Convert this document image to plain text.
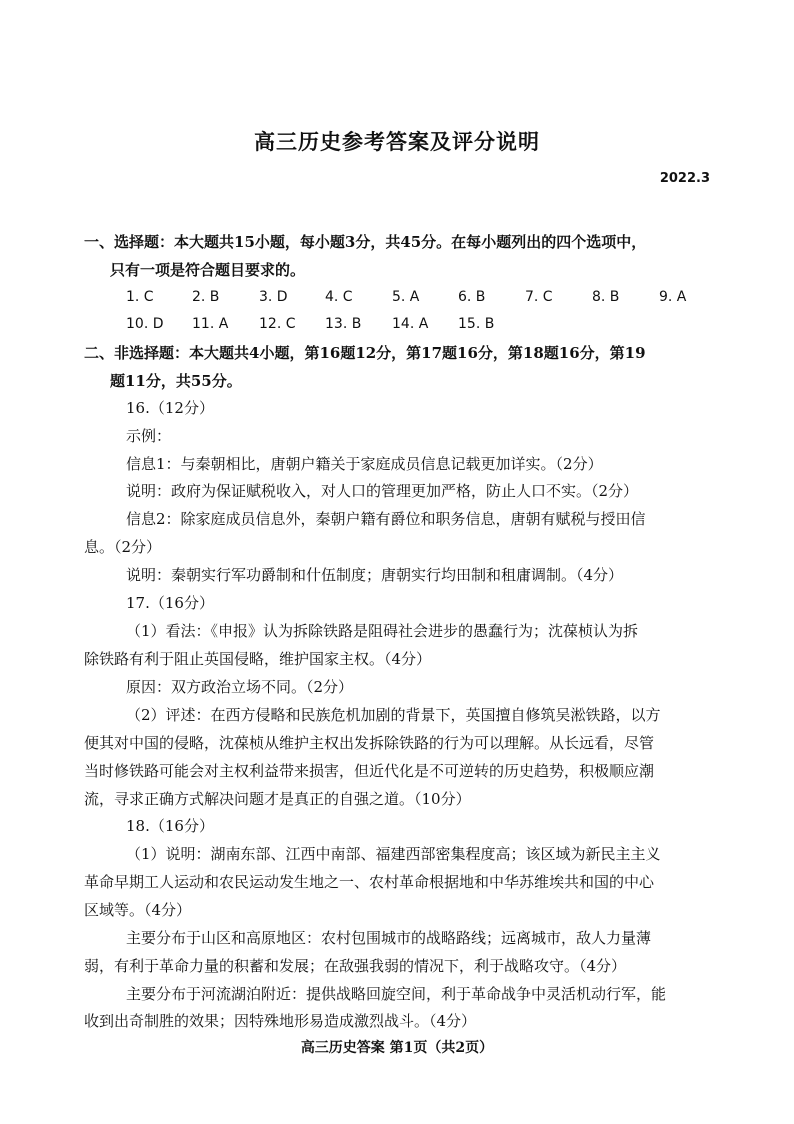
高三历史参考答案及评分说明
2022.3
一、选择题：本大题共15小题，每小题3分，共45分。在每小题列出的四个选项中，
只有一项是符合题目要求的。
1. C	2. B	3. D	4. C	5. A	6. B	7. C	8. B	9. A
10. D 11. A 12. C 13. B 14. A 15. B
二、非选择题：本大题共4小题，第16题12分，第17题16分，第18题16分，第19
题11分，共55分。
16.（12分）
示例：
信息1：与秦朝相比，唐朝户籍关于家庭成员信息记载更加详实。（2分）
说明：政府为保证赋税收入，对人口的管理更加严格，防止人口不实。（2分）
信息2：除家庭成员信息外，秦朝户籍有爵位和职务信息，唐朝有赋税与授田信
息。（2分）
说明：秦朝实行军功爵制和什伍制度；唐朝实行均田制和租庸调制。（4分）
17.（16分）
（1）看法：《申报》认为拆除铁路是阻碍社会进步的愚蠢行为；沈葆桢认为拆
除铁路有利于阻止英国侵略，维护国家主权。（4分）
原因：双方政治立场不同。（2分）
（2）评述：在西方侵略和民族危机加剧的背景下，英国擅自修筑吴淞铁路，以方
便其对中国的侵略，沈葆桢从维护主权出发拆除铁路的行为可以理解。从长远看，尽管
当时修铁路可能会对主权利益带来损害，但近代化是不可逆转的历史趋势，积极顺应潮
流，寻求正确方式解决问题才是真正的自强之道。（10分）
18.（16分）
（1）说明：湖南东部、江西中南部、福建西部密集程度高；该区域为新民主主义
革命早期工人运动和农民运动发生地之一、农村革命根据地和中华苏维埃共和国的中心
区域等。（4分）
主要分布于山区和高原地区：农村包围城市的战略路线；远离城市，敌人力量薄
弱，有利于革命力量的积蓄和发展；在敌强我弱的情况下，利于战略攻守。（4分）
主要分布于河流湖泊附近：提供战略回旋空间，利于革命战争中灵活机动行军，能
收到出奇制胜的效果；因特殊地形易造成激烈战斗。（4分）
高三历史答案 第1页（共2页）
